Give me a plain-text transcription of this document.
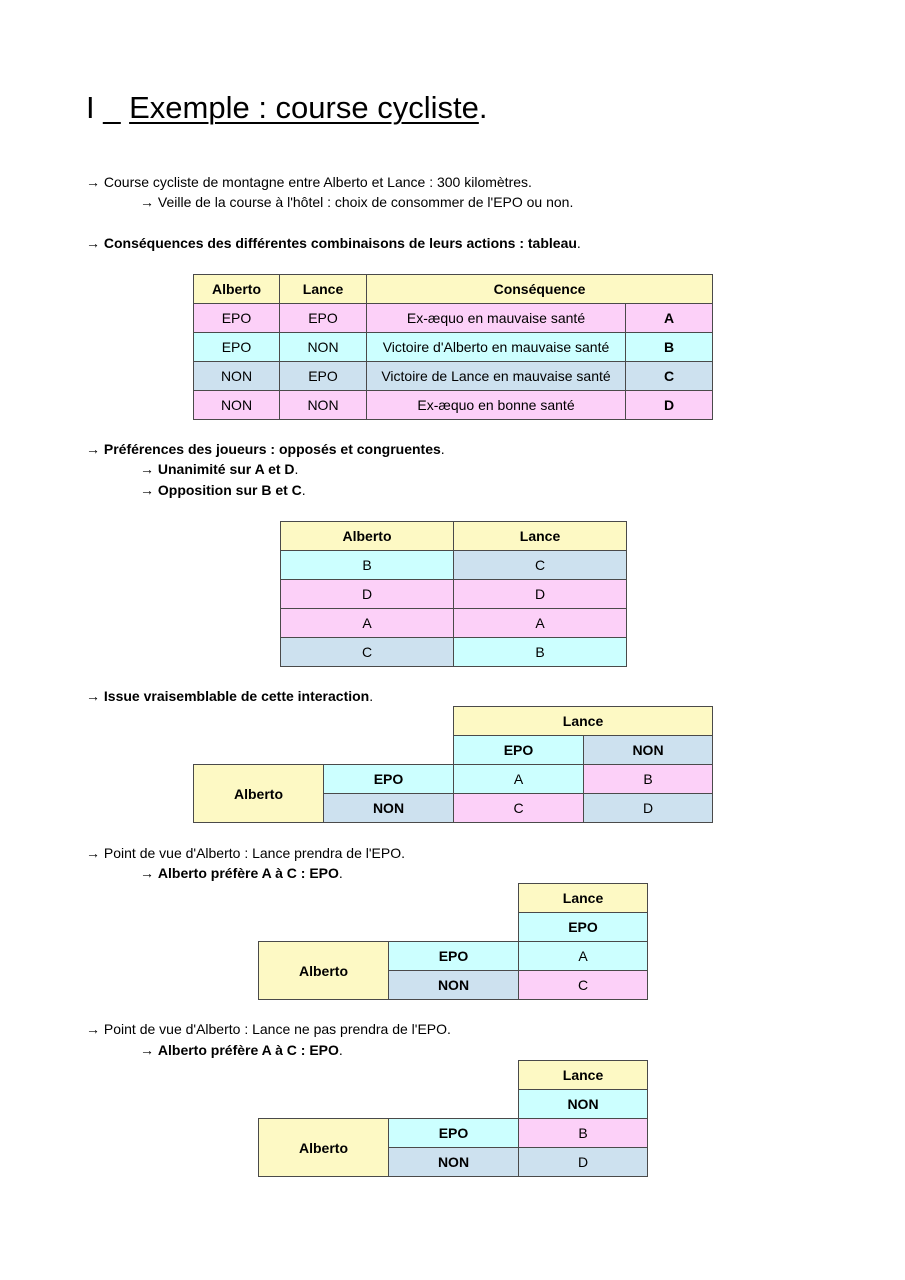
I _ Exemple : course cycliste.
→ Course cycliste de montagne entre Alberto et Lance : 300 kilomètres.
→ Veille de la course à l'hôtel : choix de consommer de l'EPO ou non.
→ Conséquences des différentes combinaisons de leurs actions : tableau.
Alberto	Lance	Conséquence	
EPO	EPO	Ex-æquo en mauvaise santé	A
EPO	NON	Victoire d'Alberto en mauvaise santé	B
NON	EPO	Victoire de Lance en mauvaise santé	C
NON	NON	Ex-æquo en bonne santé	D
→ Préférences des joueurs : opposés et congruentes.
→ Unanimité sur A et D.
→ Opposition sur B et C.
Alberto	Lance
B	C
D	D
A	A
C	B
→ Issue vraisemblable de cette interaction.
		Lance	
		EPO	NON
Alberto	EPO	A	B
	NON	C	D
→ Point de vue d'Alberto : Lance prendra de l'EPO.
→ Alberto préfère A à C : EPO.
		Lance
		EPO
Alberto	EPO	A
	NON	C
→ Point de vue d'Alberto : Lance ne pas prendra de l'EPO.
→ Alberto préfère A à C : EPO.
		Lance
		NON
Alberto	EPO	B
	NON	D
